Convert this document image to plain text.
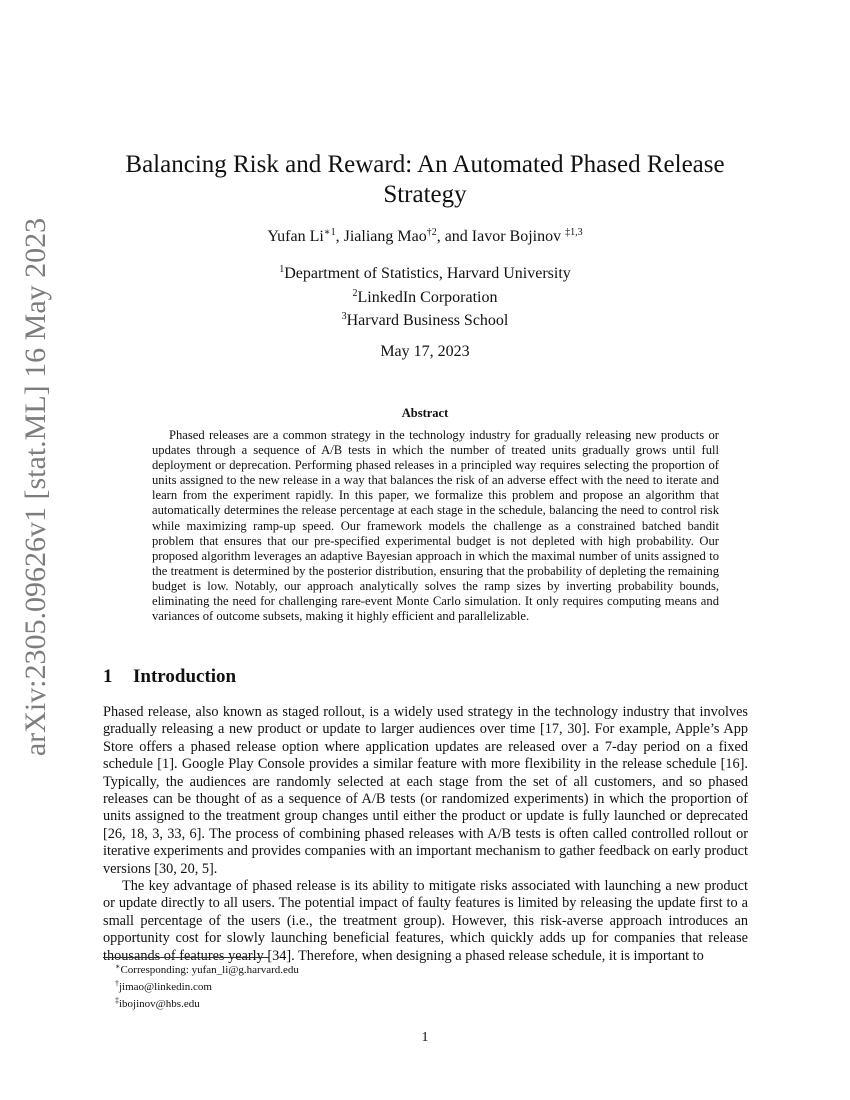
arXiv:2305.09626v1 [stat.ML] 16 May 2023
Balancing Risk and Reward: An Automated Phased Release Strategy
Yufan $Li^{∗1}$, Jialiang Mao$^{\dagger 2}$, and Iavor Bojinov $^{\ddagger 1,3}$
$^1$Department of Statistics, Harvard University
$^2$LinkedIn Corporation
$^3$Harvard Business School
May 17, 2023
Abstract

Phased releases are a common strategy in the technology industry for gradually releasing new products or updates through a sequence of A/B tests in which the number of treated units gradually grows until full deployment or deprecation. Performing phased releases in a principled way requires selecting the proportion of units assigned to the new release in a way that balances the risk of an adverse effect with the need to iterate and learn from the experiment rapidly. In this paper, we formalize this problem and propose an algorithm that automatically determines the release percentage at each stage in the schedule, balancing the need to control risk while maximizing ramp-up speed. Our framework models the challenge as a constrained batched bandit problem that ensures that our pre-specified experimental budget is not depleted with high probability. Our proposed algorithm leverages an adaptive Bayesian approach in which the maximal number of units assigned to the treatment is determined by the posterior distribution, ensuring that the probability of depleting the remaining budget is low. Notably, our approach analytically solves the ramp sizes by inverting probability bounds, eliminating the need for challenging rare-event Monte Carlo simulation. It only requires computing means and variances of outcome subsets, making it highly efficient and parallelizable.

1 Introduction

Phased release, also known as staged rollout, is a widely used strategy in the technology industry that involves gradually releasing a new product or update to larger audiences over time [17, 30]. For example, Apple’s App Store offers a phased release option where application updates are released over a 7-day period on a fixed schedule [1]. Google Play Console provides a similar feature with more flexibility in the release schedule [16]. Typically, the audiences are randomly selected at each stage from the set of all customers, and so phased releases can be thought of as a sequence of A/B tests (or randomized experiments) in which the proportion of units assigned to the treatment group changes until either the product or update is fully launched or deprecated [26, 18, 3, 33, 6]. The process of combining phased releases with A/B tests is often called controlled rollout or iterative experiments and provides companies with an important mechanism to gather feedback on early product versions [30, 20, 5].

The key advantage of phased release is its ability to mitigate risks associated with launching a new product or update directly to all users. The potential impact of faulty features is limited by releasing the update first to a small percentage of the users (i.e., the treatment group). However, this risk-averse approach introduces an opportunity cost for slowly launching beneficial features, which quickly adds up for companies that release thousands of features yearly [34]. Therefore, when designing a phased release schedule, it is important to

∗Corresponding: yufan_li@g.harvard.edu
†jimao@linkedin.com
‡ibojinov@hbs.edu
1
